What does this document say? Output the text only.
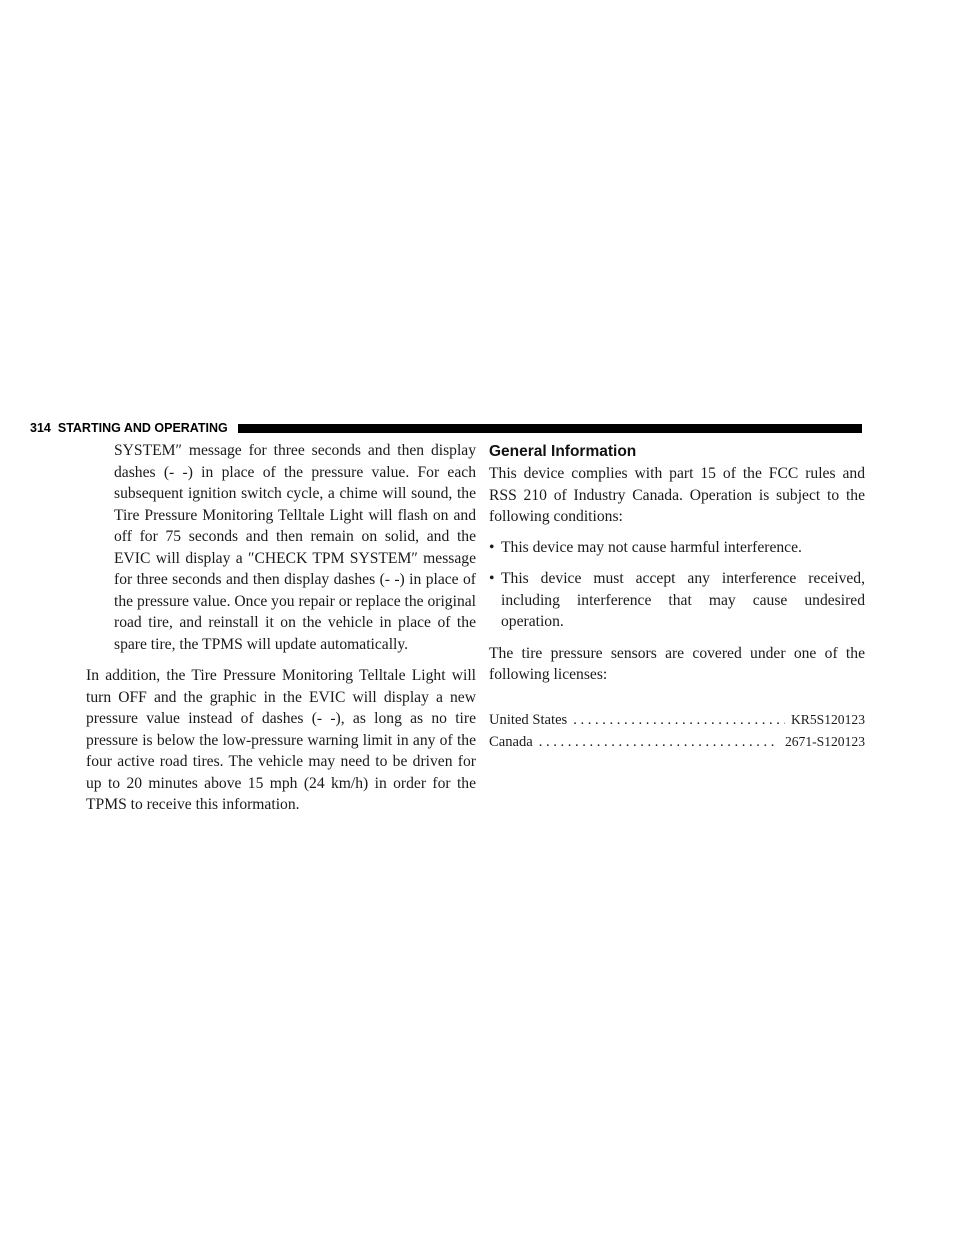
314 STARTING AND OPERATING

SYSTEM″ message for three seconds and then display dashes (- -) in place of the pressure value. For each subsequent ignition switch cycle, a chime will sound, the Tire Pressure Monitoring Telltale Light will flash on and off for 75 seconds and then remain on solid, and the EVIC will display a ″CHECK TPM SYSTEM″ message for three seconds and then display dashes (- -) in place of the pressure value. Once you repair or replace the original road tire, and reinstall it on the vehicle in place of the spare tire, the TPMS will update automatically.

In addition, the Tire Pressure Monitoring Telltale Light will turn OFF and the graphic in the EVIC will display a new pressure value instead of dashes (- -), as long as no tire pressure is below the low-pressure warning limit in any of the four active road tires. The vehicle may need to be driven for up to 20 minutes above 15 mph (24 km/h) in order for the TPMS to receive this information.

General Information

This device complies with part 15 of the FCC rules and RSS 210 of Industry Canada. Operation is subject to the following conditions:

• This device may not cause harmful interference.
• This device must accept any interference received, including interference that may cause undesired operation.

The tire pressure sensors are covered under one of the following licenses:

United States .....	KR5S120123
Canada .....	2671-S120123
